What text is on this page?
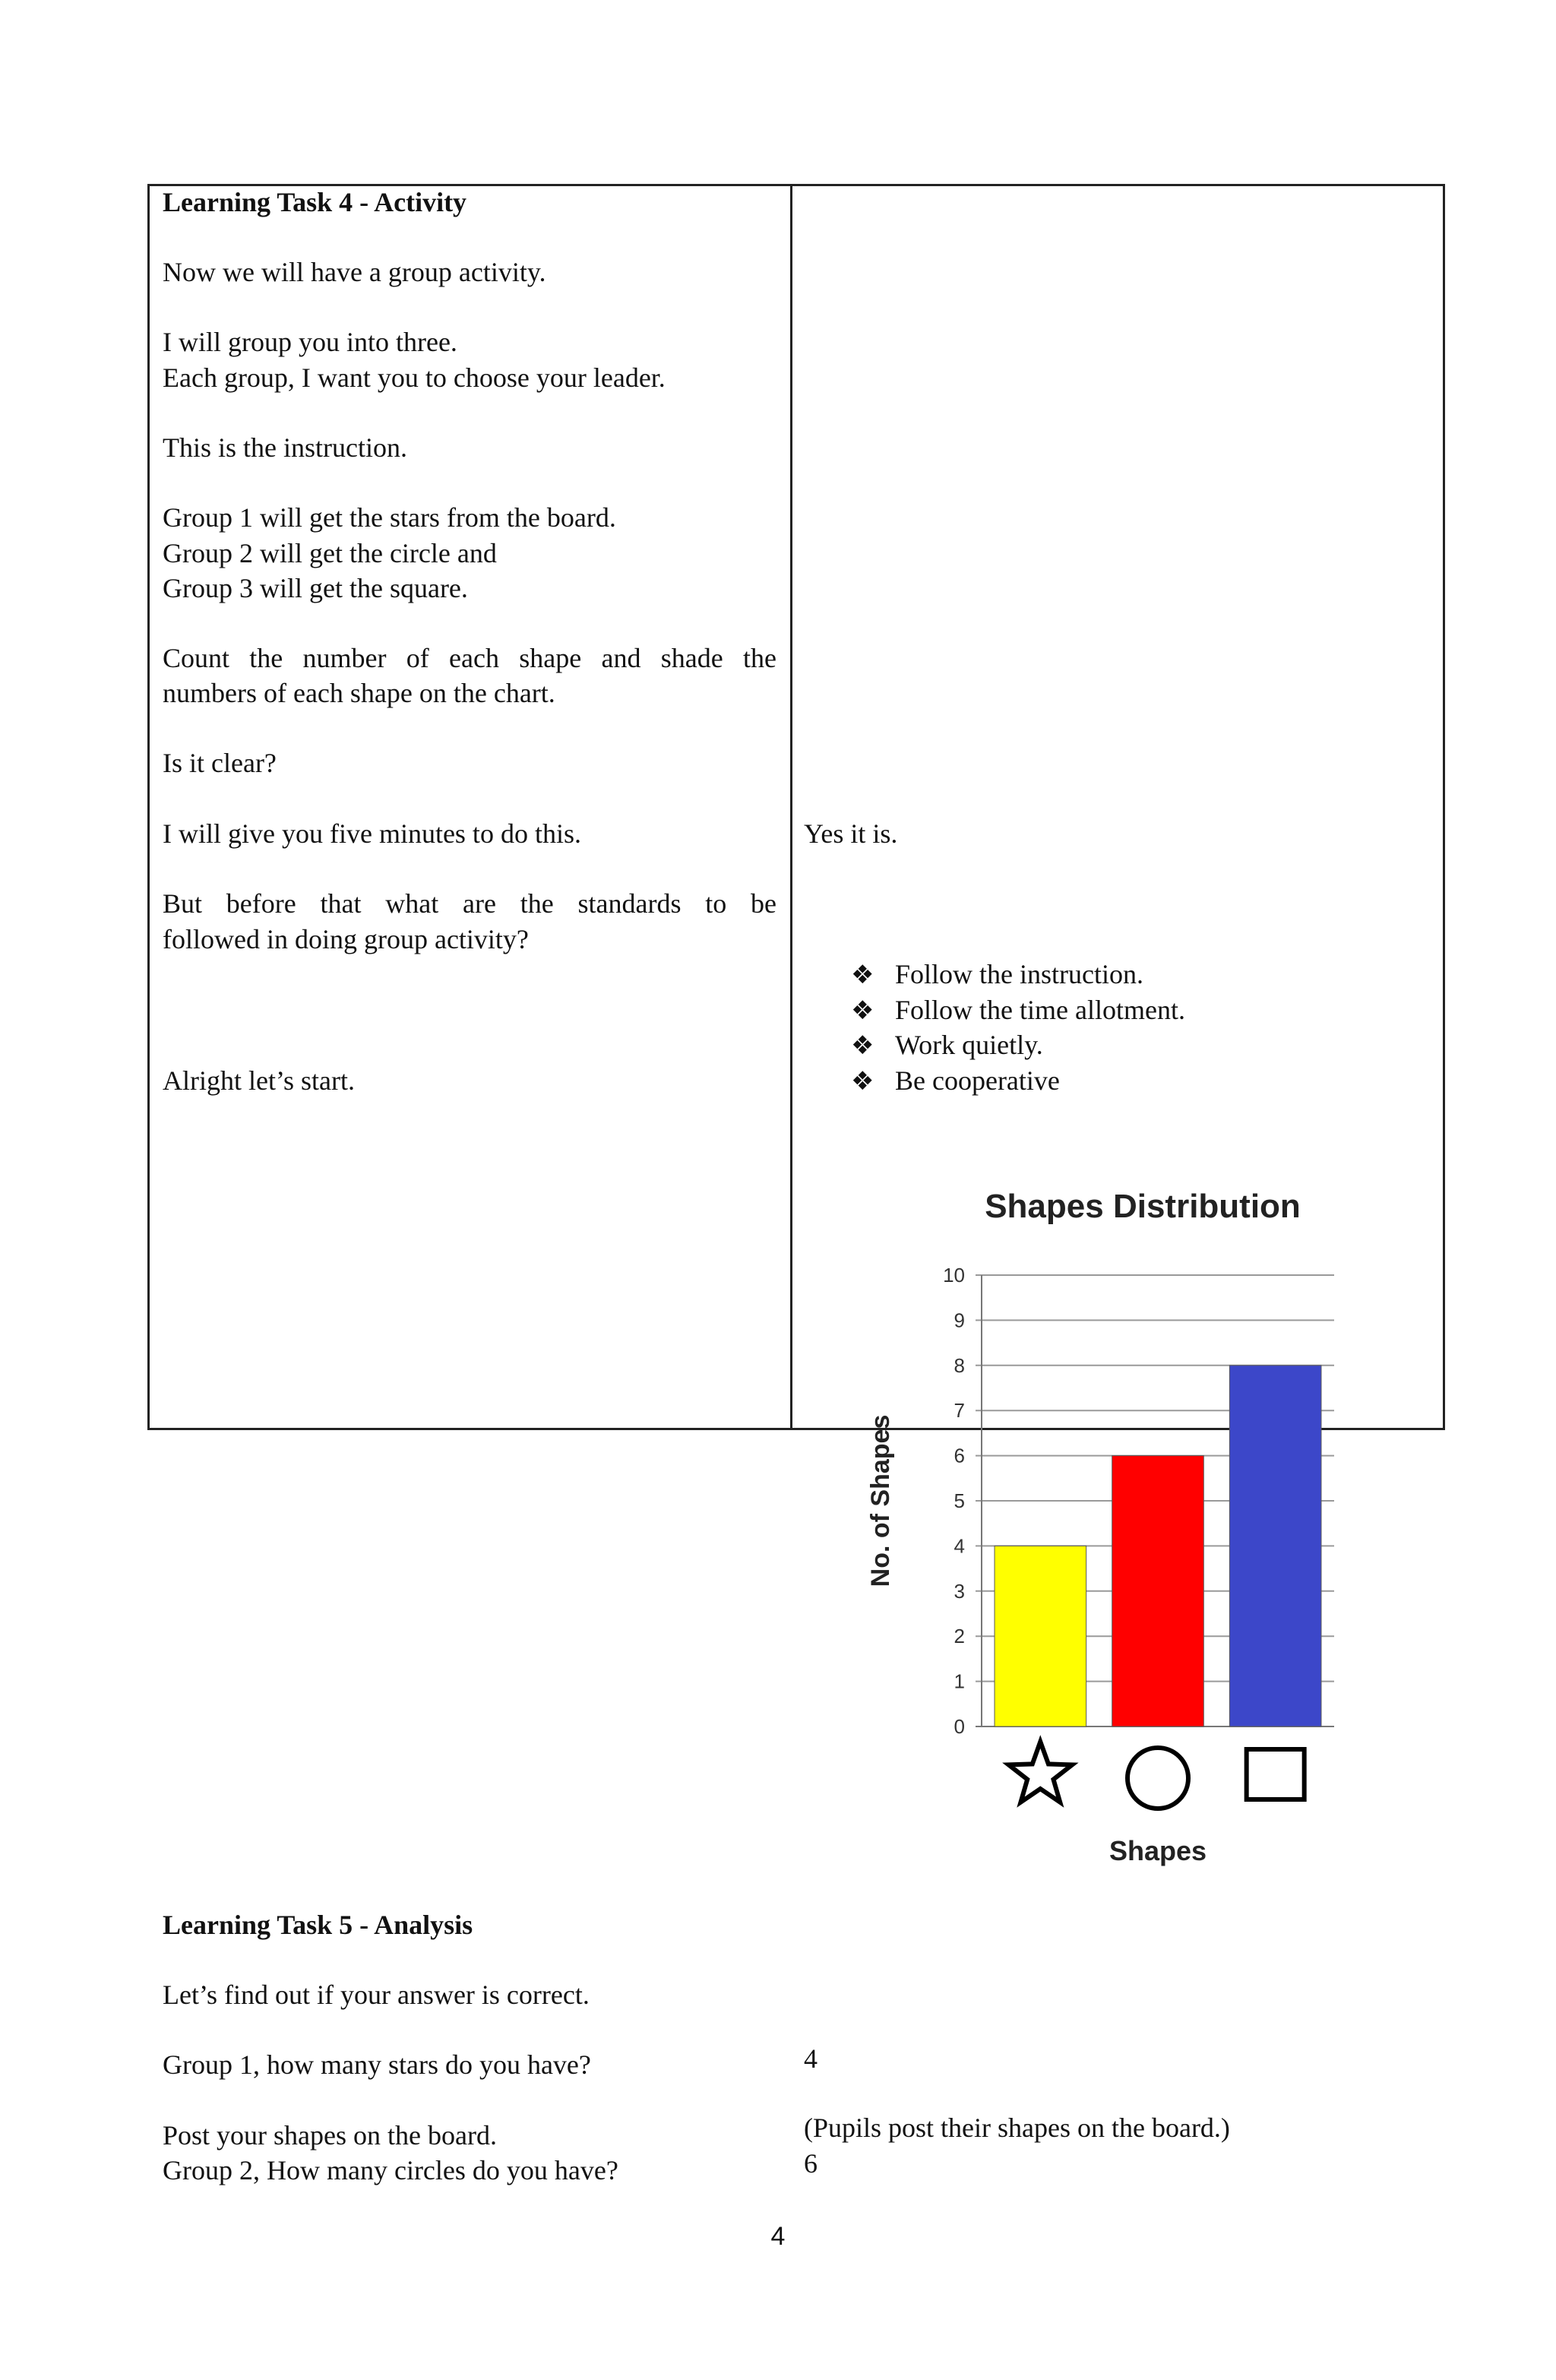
Learning Task 4 - Activity
Now we will have a group activity.
I will group you into three.
Each group, I want you to choose your leader.
This is the instruction.
Group 1 will get the stars from the board.
Group 2 will get the circle and
Group 3 will get the square.
Count the number of each shape and shade the
numbers of each shape on the chart.
Is it clear?
I will give you five minutes to do this.
But before that what are the standards to be
followed in doing group activity?
Alright let’s start.
Learning Task 5 - Analysis
Let’s find out if your answer is correct.
Group 1, how many stars do you have?
Post your shapes on the board.
Group 2, How many circles do you have?
Yes it is.
❖ Follow the instruction.
❖ Follow the time allotment.
❖ Work quietly.
❖ Be cooperative
Shapes Distribution
No. of Shapes
Shapes
0
1
2
3
4
5
6
7
8
9
10
4
(Pupils post their shapes on the board.)
6
4
